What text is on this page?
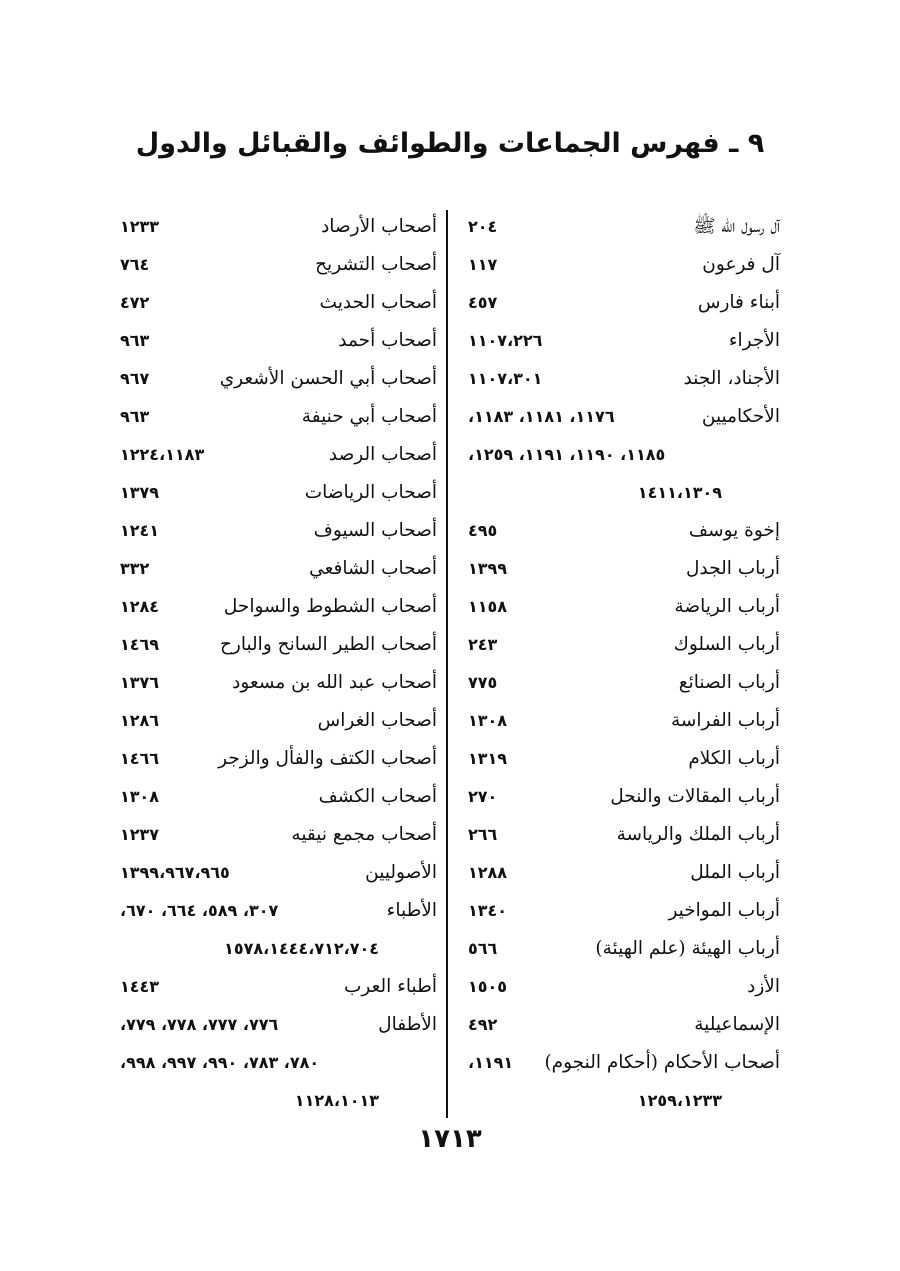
٩ ـ فهرس الجماعات والطوائف والقبائل والدول
آل رسول الله ﷺ
٢٠٤
آل فرعون
١١٧
أبناء فارس
٤٥٧
الأجراء
١١٠٧،٢٢٦
الأجناد، الجند
١١٠٧،٣٠١
الأحكاميين
١١٧٦، ١١٨١، ١١٨٣،
١١٨٥، ١١٩٠، ١١٩١، ١٢٥٩،
١٤١١،١٣٠٩
إخوة يوسف
٤٩٥
أرباب الجدل
١٣٩٩
أرباب الرياضة
١١٥٨
أرباب السلوك
٢٤٣
أرباب الصنائع
٧٧٥
أرباب الفراسة
١٣٠٨
أرباب الكلام
١٣١٩
أرباب المقالات والنحل
٢٧٠
أرباب الملك والرياسة
٢٦٦
أرباب الملل
١٢٨٨
أرباب المواخير
١٣٤٠
أرباب الهيئة (علم الهيئة)
٥٦٦
الأزد
١٥٠٥
الإسماعيلية
٤٩٢
أصحاب الأحكام (أحكام النجوم)
١١٩١،
١٢٥٩،١٢٣٣
أصحاب الأرصاد
١٢٣٣
أصحاب التشريح
٧٦٤
أصحاب الحديث
٤٧٢
أصحاب أحمد
٩٦٣
أصحاب أبي الحسن الأشعري
٩٦٧
أصحاب أبي حنيفة
٩٦٣
أصحاب الرصد
١٢٢٤،١١٨٣
أصحاب الرياضات
١٣٧٩
أصحاب السيوف
١٢٤١
أصحاب الشافعي
٣٣٢
أصحاب الشطوط والسواحل
١٢٨٤
أصحاب الطير السانح والبارح
١٤٦٩
أصحاب عبد الله بن مسعود
١٣٧٦
أصحاب الغراس
١٢٨٦
أصحاب الكتف والفأل والزجر
١٤٦٦
أصحاب الكشف
١٣٠٨
أصحاب مجمع نيقيه
١٢٣٧
الأصوليين
١٣٩٩،٩٦٧،٩٦٥
الأطباء
٣٠٧، ٥٨٩، ٦٦٤، ٦٧٠،
١٥٧٨،١٤٤٤،٧١٢،٧٠٤
أطباء العرب
١٤٤٣
الأطفال
٧٧٦، ٧٧٧، ٧٧٨، ٧٧٩،
٧٨٠، ٧٨٣، ٩٩٠، ٩٩٧، ٩٩٨،
١١٢٨،١٠١٣
١٧١٣
